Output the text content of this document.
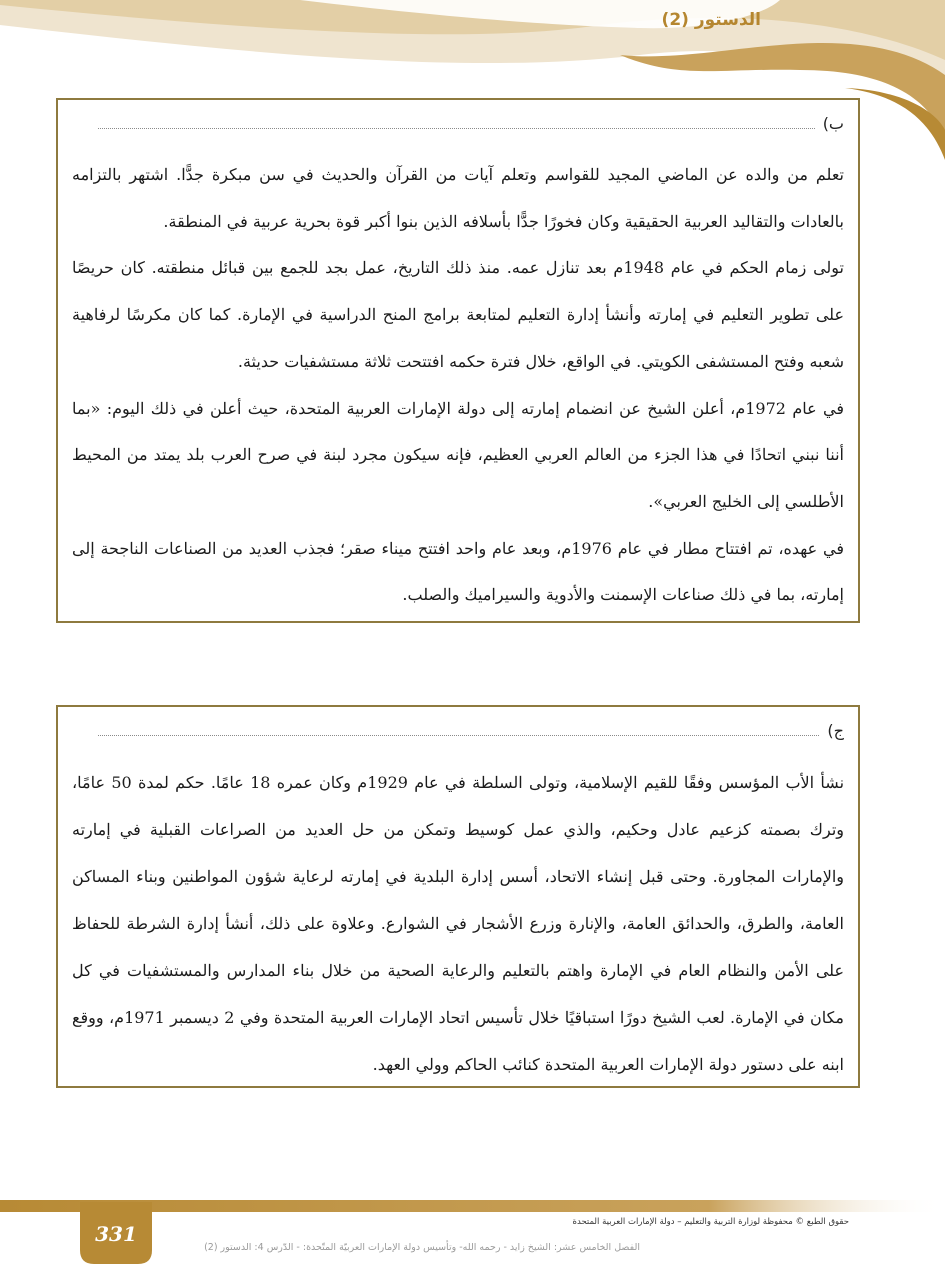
الدستور (2)
ب)

تعلم من والده عن الماضي المجيد للقواسم وتعلم آيات من القرآن والحديث في سن مبكرة جدًّا. اشتهر بالتزامه بالعادات والتقاليد العربية الحقيقية وكان فخورًا جدًّا بأسلافه الذين بنوا أكبر قوة بحرية عربية في المنطقة.

تولى زمام الحكم في عام 1948م بعد تنازل عمه. منذ ذلك التاريخ، عمل بجد للجمع بين قبائل منطقته. كان حريصًا على تطوير التعليم في إمارته وأنشأ إدارة التعليم لمتابعة برامج المنح الدراسية في الإمارة. كما كان مكرسًا لرفاهية شعبه وفتح المستشفى الكويتي. في الواقع، خلال فترة حكمه افتتحت ثلاثة مستشفيات حديثة.

في عام 1972م، أعلن الشيخ عن انضمام إمارته إلى دولة الإمارات العربية المتحدة، حيث أعلن في ذلك اليوم: «بما أننا نبني اتحادًا في هذا الجزء من العالم العربي العظيم، فإنه سيكون مجرد لبنة في صرح العرب بلد يمتد من المحيط الأطلسي إلى الخليج العربي».

في عهده، تم افتتاح مطار في عام 1976م، وبعد عام واحد افتتح ميناء صقر؛ فجذب العديد من الصناعات الناجحة إلى إمارته، بما في ذلك صناعات الإسمنت والأدوية والسيراميك والصلب.

ج)

نشأ الأب المؤسس وفقًا للقيم الإسلامية، وتولى السلطة في عام 1929م وكان عمره 18 عامًا. حكم لمدة 50 عامًا، وترك بصمته كزعيم عادل وحكيم، والذي عمل كوسيط وتمكن من حل العديد من الصراعات القبلية في إمارته والإمارات المجاورة. وحتى قبل إنشاء الاتحاد، أسس إدارة البلدية في إمارته لرعاية شؤون المواطنين وبناء المساكن العامة، والطرق، والحدائق العامة، والإنارة وزرع الأشجار في الشوارع. وعلاوة على ذلك، أنشأ إدارة الشرطة للحفاظ على الأمن والنظام العام في الإمارة واهتم بالتعليم والرعاية الصحية من خلال بناء المدارس والمستشفيات في كل مكان في الإمارة. لعب الشيخ دورًا استباقيًا خلال تأسيس اتحاد الإمارات العربية المتحدة وفي 2 ديسمبر 1971م، ووقع ابنه على دستور دولة الإمارات العربية المتحدة كنائب الحاكم وولي العهد.

331	حقوق الطبع © محفوظة لوزارة التربية والتعليم – دولة الإمارات العربية المتحدة
الفصل الخامس عشر: الشيخ زايد - رحمه الله- وتأسيس دولة الإمارات العربيّة المتّحدة: - الدّرس 4: الدستور (2)
